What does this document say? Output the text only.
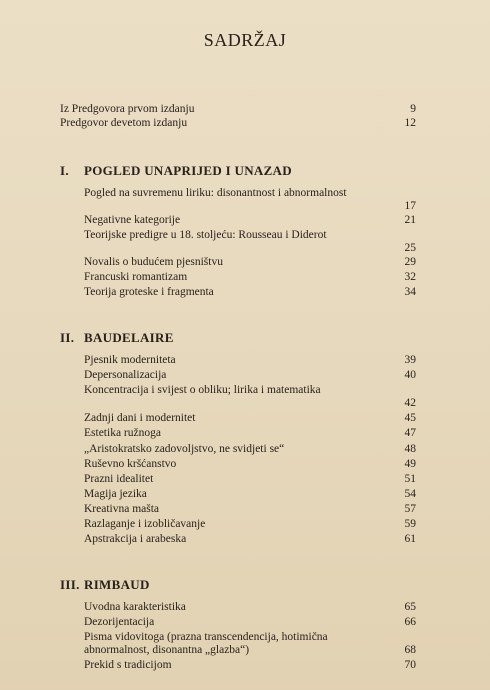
SADRŽAJ
Iz Predgovora prvom izdanju	9
Predgovor devetom izdanju	12
I. POGLED UNAPRIJED I UNAZAD
Pogled na suvremenu liriku: disonantnost i abnormalnost
17
Negativne kategorije	21
Teorijske predigre u 18. stoljeću: Rousseau i Diderot
25
Novalis o budućem pjesništvu	29
Francuski romantizam	32
Teorija groteske i fragmenta	34
II. BAUDELAIRE
Pjesnik moderniteta	39
Depersonalizacija	40
Koncentracija i svijest o obliku; lirika i matematika
42
Zadnji dani i modernitet	45
Estetika ružnoga	47
„Aristokratsko zadovoljstvo, ne svidjeti se“	48
Ruševno kršćanstvo	49
Prazni idealitet	51
Magija jezika	54
Kreativna mašta	57
Razlaganje i izobličavanje	59
Apstrakcija i arabeska	61
III. RIMBAUD
Uvodna karakteristika	65
Dezorijentacija	66
Pisma vidovitoga (prazna transcendencija, hotimična abnormalnost, disonantna „glazba“)	68
Prekid s tradicijom	70
